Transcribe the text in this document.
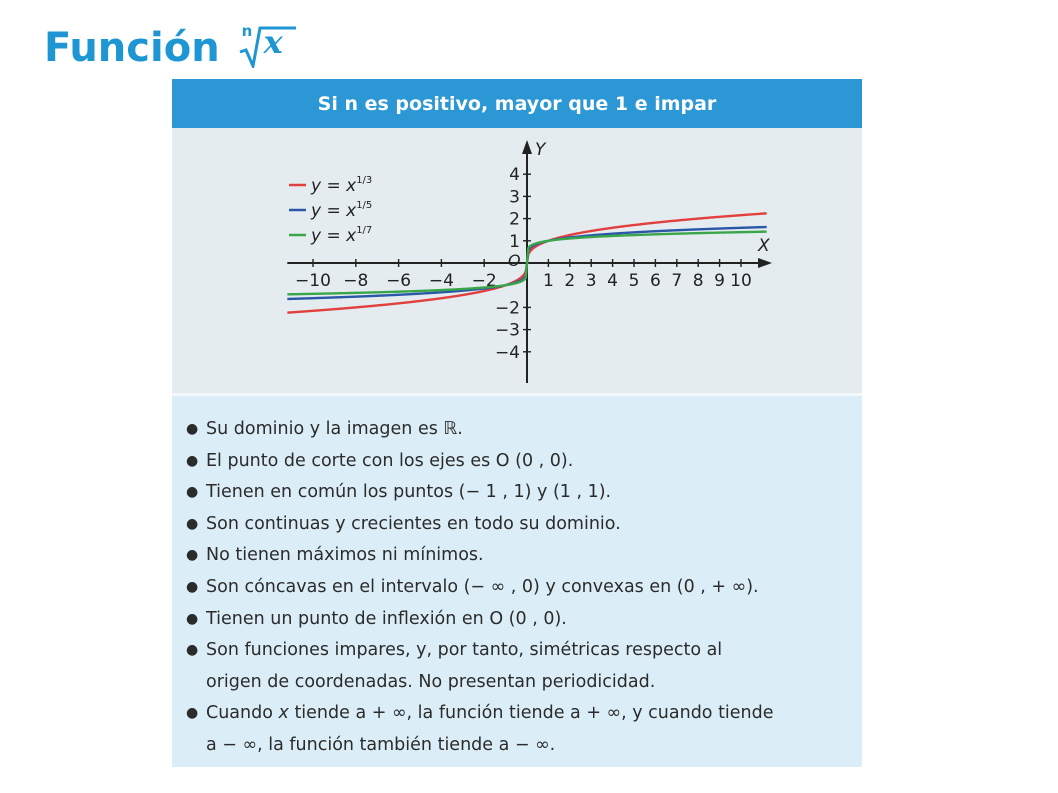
Función n x
Si n es positivo, mayor que 1 e impar
$y = x^{1/3}$
$y = x^{1/5}$
$y = x^{1/7}$
X
Y
O
−10 −8 −6 −4 −2	1 2 3 4 5 6 7 8 9 10
4
3
2
1
−2
−3
−4
● Su dominio y la imagen es ℝ.
● El punto de corte con los ejes es O (0 , 0).
● Tienen en común los puntos (− 1 , 1) y (1 , 1).
● Son continuas y crecientes en todo su dominio.
● No tienen máximos ni mínimos.
● Son cóncavas en el intervalo (− ∞ , 0) y convexas en (0 , + ∞).
● Tienen un punto de inflexión en O (0 , 0).
● Son funciones impares, y, por tanto, simétricas respecto al
origen de coordenadas. No presentan periodicidad.
● Cuando x tiende a + ∞, la función tiende a + ∞, y cuando tiende
a − ∞, la función también tiende a − ∞.
